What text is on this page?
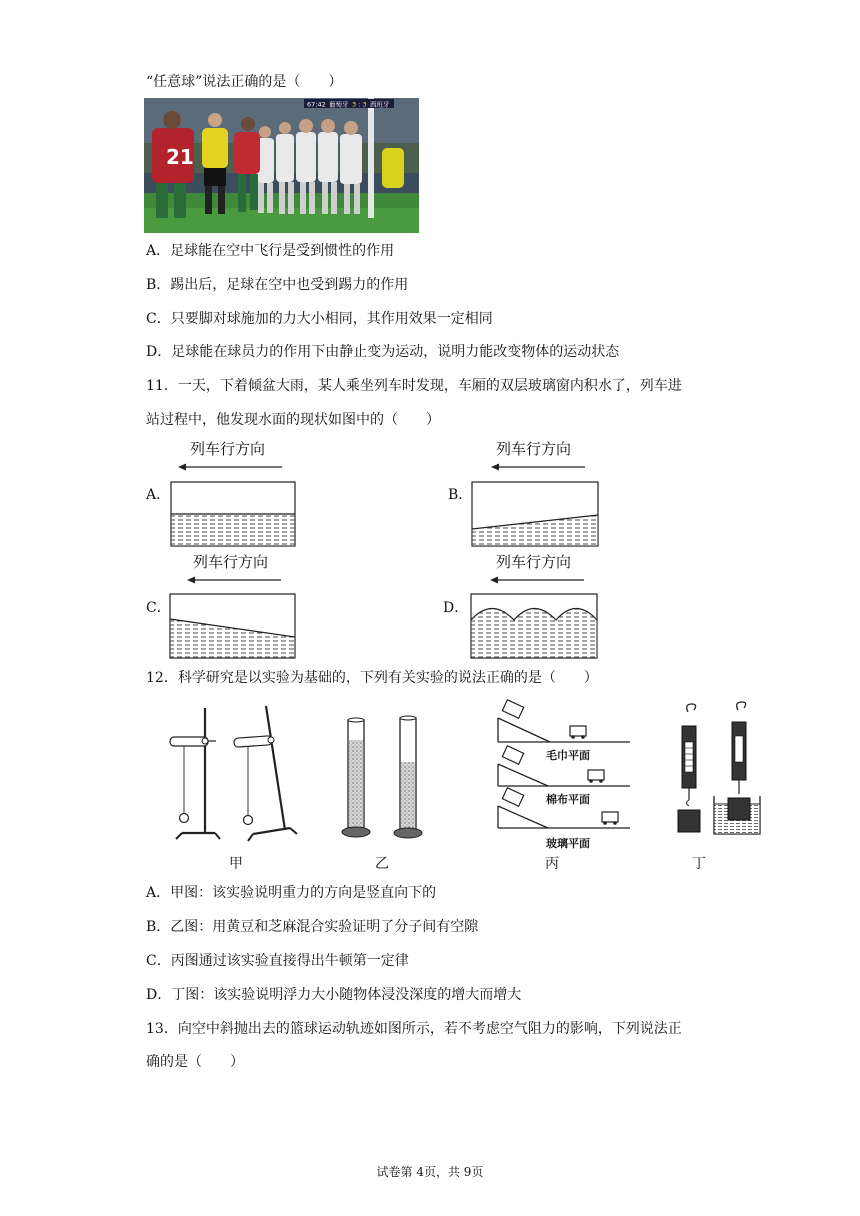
“任意球”说法正确的是（　　）
21
67:42 葡萄牙 3 : 3 西班牙
A．足球能在空中飞行是受到惯性的作用
B．踢出后，足球在空中也受到踢力的作用
C．只要脚对球施加的力大小相同，其作用效果一定相同
D．足球能在球员力的作用下由静止变为运动，说明力能改变物体的运动状态
11．一天，下着倾盆大雨，某人乘坐列车时发现，车厢的双层玻璃窗内积水了，列车进
站过程中，他发现水面的现状如图中的（　　）
列车行方向
A．
列车行方向
B．
列车行方向
C．
列车行方向
D．
12．科学研究是以实验为基础的，下列有关实验的说法正确的是（　　）
甲	乙
毛巾平面
棉布平面
玻璃平面
丙	丁
A．甲图：该实验说明重力的方向是竖直向下的
B．乙图：用黄豆和芝麻混合实验证明了分子间有空隙
C．丙图通过该实验直接得出牛顿第一定律
D．丁图：该实验说明浮力大小随物体浸没深度的增大而增大
13．向空中斜抛出去的篮球运动轨迹如图所示，若不考虑空气阻力的影响，下列说法正
确的是（　　）
试卷第 4页，共 9页
